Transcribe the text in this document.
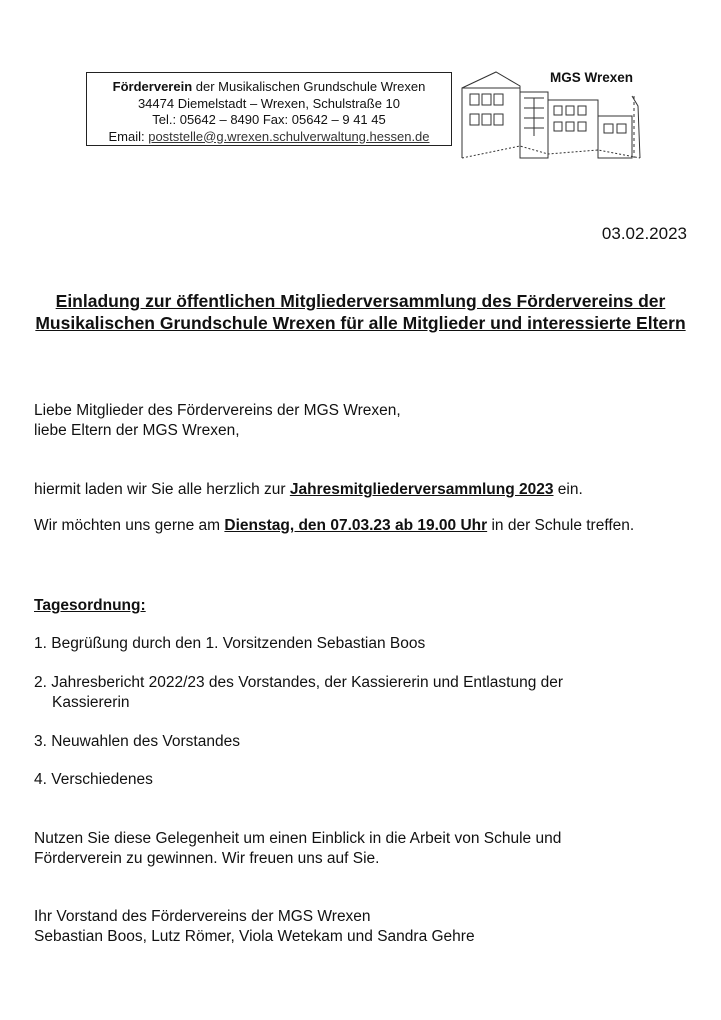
Förderverein der Musikalischen Grundschule Wrexen
34474 Diemelstadt – Wrexen, Schulstraße 10
Tel.: 05642 – 8490 Fax: 05642 – 9 41 45
Email: poststelle@g.wrexen.schulverwaltung.hessen.de
MGS Wrexen
03.02.2023
Einladung zur öffentlichen Mitgliederversammlung des Fördervereins der Musikalischen Grundschule Wrexen für alle Mitglieder und interessierte Eltern
Liebe Mitglieder des Fördervereins der MGS Wrexen,
liebe Eltern der MGS Wrexen,
hiermit laden wir Sie alle herzlich zur Jahresmitgliederversammlung 2023 ein.
Wir möchten uns gerne am Dienstag, den 07.03.23 ab 19.00 Uhr in der Schule treffen.
Tagesordnung:
1. Begrüßung durch den 1. Vorsitzenden Sebastian Boos
2. Jahresbericht 2022/23 des Vorstandes, der Kassiererin und Entlastung der
Kassiererin
3. Neuwahlen des Vorstandes
4. Verschiedenes
Nutzen Sie diese Gelegenheit um einen Einblick in die Arbeit von Schule und Förderverein zu gewinnen. Wir freuen uns auf Sie.
Ihr Vorstand des Fördervereins der MGS Wrexen
Sebastian Boos, Lutz Römer, Viola Wetekam und Sandra Gehre
